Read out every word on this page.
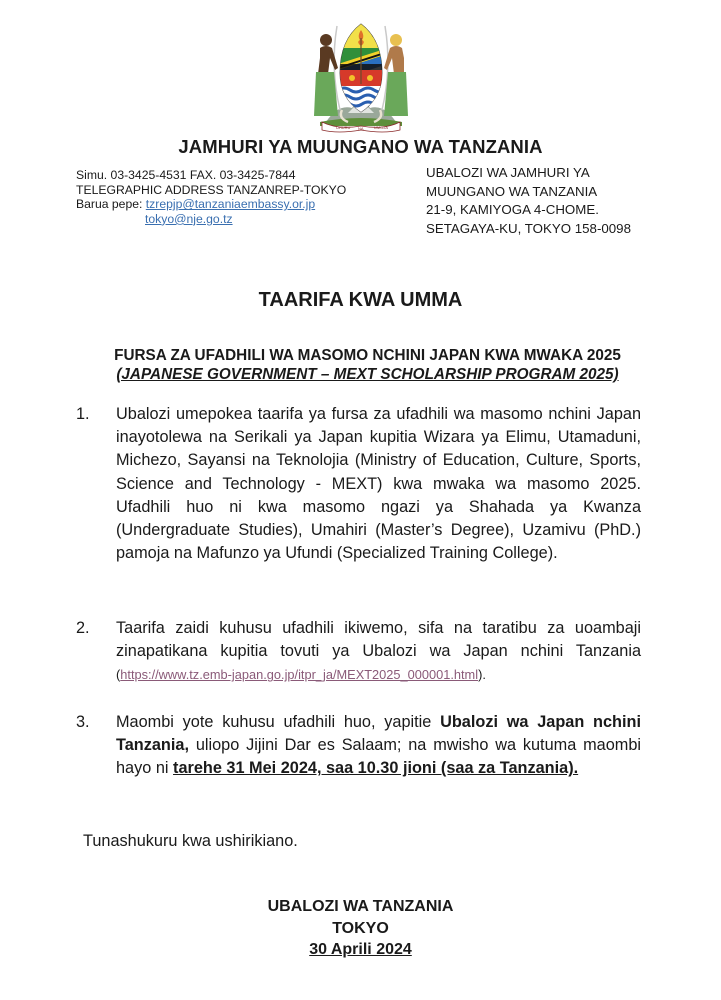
UHURU NA	UMOJA
JAMHURI YA MUUNGANO WA TANZANIA
Simu. 03-3425-4531 FAX. 03-3425-7844
TELEGRAPHIC ADDRESS TANZANREP-TOKYO
Barua pepe: tzrepjp@tanzaniaembassy.or.jp
tokyo@nje.go.tz
UBALOZI WA JAMHURI YA
MUUNGANO WA TANZANIA
21-9, KAMIYOGA 4-CHOME.
SETAGAYA-KU, TOKYO 158-0098
TAARIFA KWA UMMA
FURSA ZA UFADHILI WA MASOMO NCHINI JAPAN KWA MWAKA 2025
(JAPANESE GOVERNMENT – MEXT SCHOLARSHIP PROGRAM 2025)
1. Ubalozi umepokea taarifa ya fursa za ufadhili wa masomo nchini Japan inayotolewa na Serikali ya Japan kupitia Wizara ya Elimu, Utamaduni, Michezo, Sayansi na Teknolojia (Ministry of Education, Culture, Sports, Science and Technology - MEXT) kwa mwaka wa masomo 2025. Ufadhili huo ni kwa masomo ngazi ya Shahada ya Kwanza (Undergraduate Studies), Umahiri (Master’s Degree), Uzamivu (PhD.) pamoja na Mafunzo ya Ufundi (Specialized Training College).
2. Taarifa zaidi kuhusu ufadhili ikiwemo, sifa na taratibu za uoambaji zinapatikana kupitia tovuti ya Ubalozi wa Japan nchini Tanzania (https://www.tz.emb-japan.go.jp/itpr_ja/MEXT2025_000001.html).
3. Maombi yote kuhusu ufadhili huo, yapitie Ubalozi wa Japan nchini Tanzania, uliopo Jijini Dar es Salaam; na mwisho wa kutuma maombi hayo ni tarehe 31 Mei 2024, saa 10.30 jioni (saa za Tanzania).
Tunashukuru kwa ushirikiano.
UBALOZI WA TANZANIA
TOKYO
30 Aprili 2024
